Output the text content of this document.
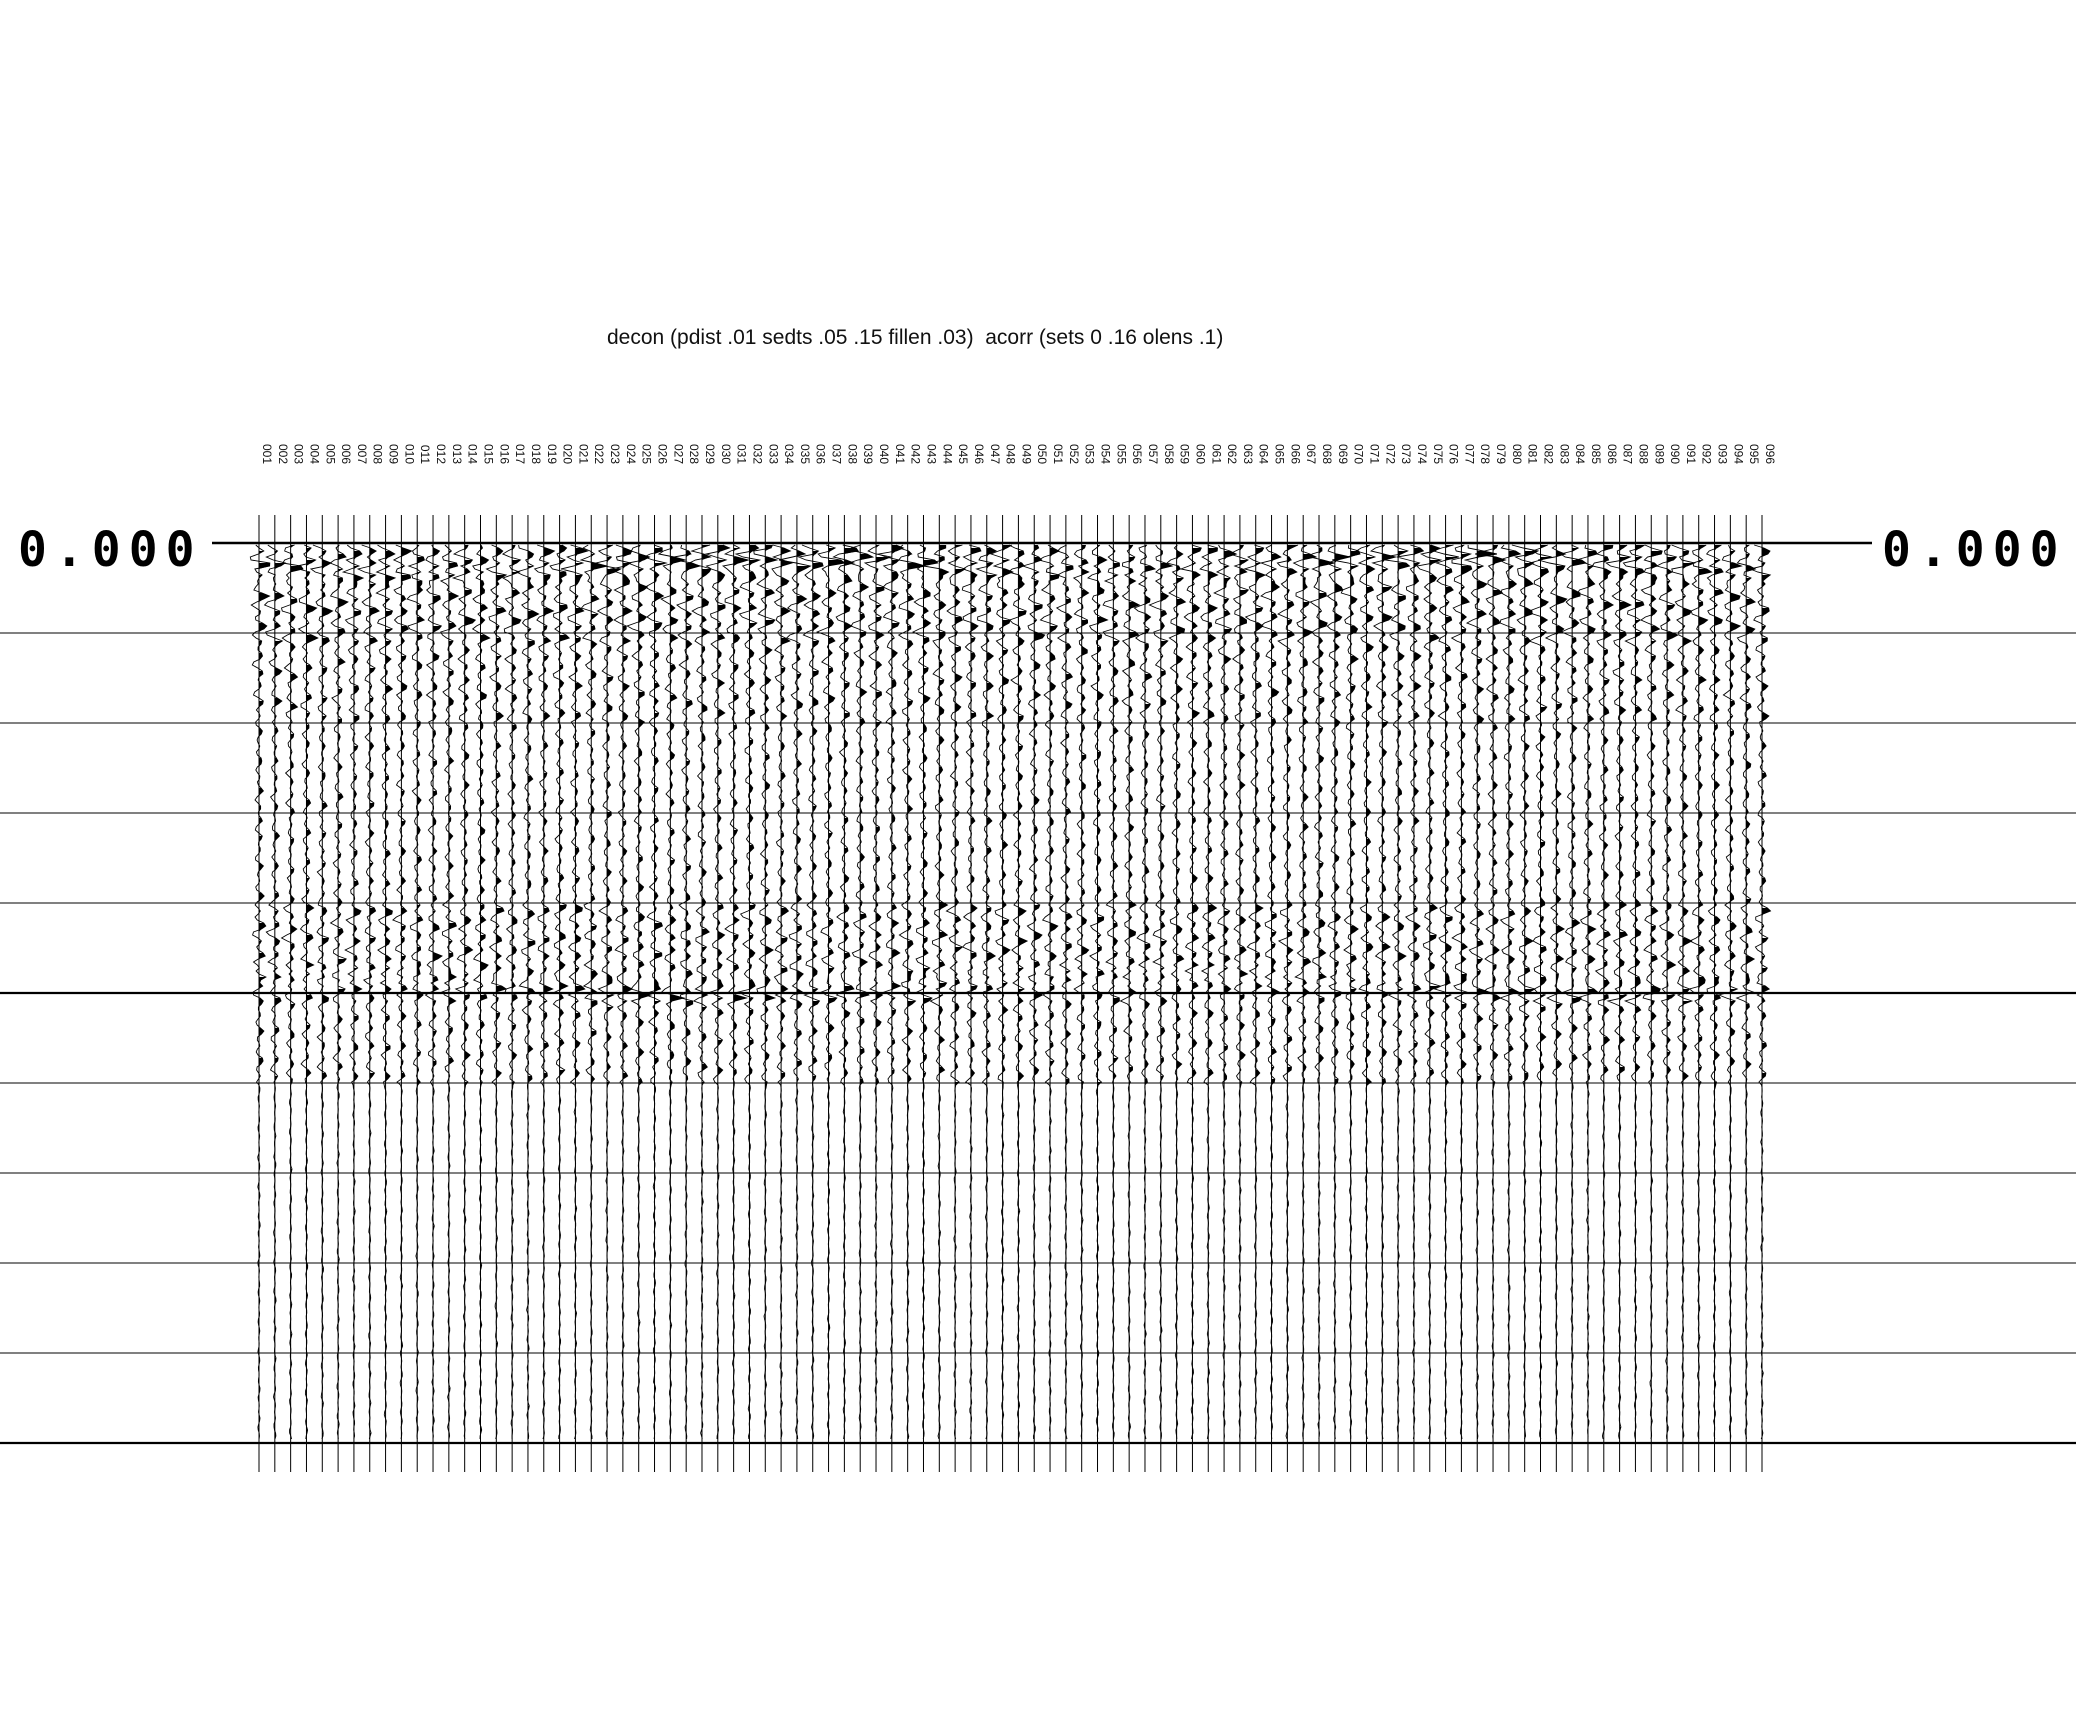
decon (pdist .01 sedts .05 .15 fillen .03)  acorr (sets 0 .16 olens .1)
0.000	0.000
001 002 003 004 005 006 007 008 009 010 011 012 013 014 015 016 017 018 019 020 021 022 023 024 025 026 027 028 029 030 031 032 033 034 035 036 037 038 039 040 041 042 043 044 045 046 047 048 049 050 051 052 053 054 055 056 057 058 059 060 061 062 063 064 065 066 067 068 069 070 071 072 073 074 075 076 077 078 079 080 081 082 083 084 085 086 087 088 089 090 091 092 093 094 095 096
